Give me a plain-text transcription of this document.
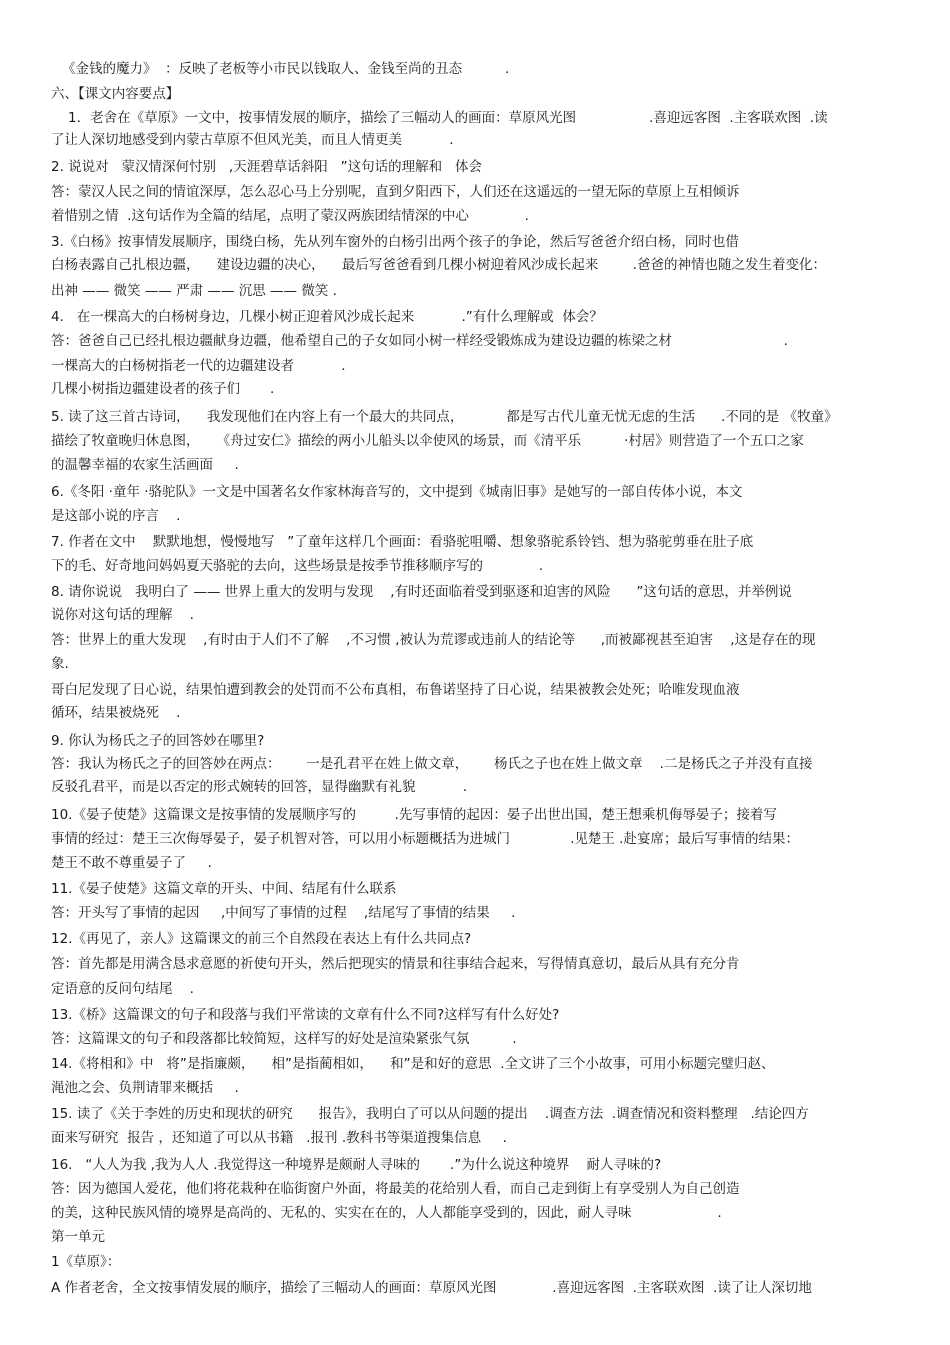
《金钱的魔力》  ：反映了老板等小市民以钱取人、金钱至尚的丑态          .
六、【课文内容要点】
1．老舍在《草原》一文中，按事情发展的顺序，描绘了三幅动人的画面：草原风光图                 .喜迎远客图  .主客联欢图  .读
了让人深切地感受到内蒙古草原不但风光美，而且人情更美           .
2. 说说对   蒙汉情深何忖别   ,天涯碧草话斜阳   ”这句话的理解和   体会
答：蒙汉人民之间的情谊深厚，怎么忍心马上分别呢，直到夕阳西下，人们还在这遥远的一望无际的草原上互相倾诉
着惜别之情  .这句话作为全篇的结尾，点明了蒙汉两族团结情深的中心             .
3.《白杨》按事情发展顺序，围绕白杨，先从列车窗外的白杨引出两个孩子的争论，然后写爸爸介绍白杨，同时也借
白杨表露自己扎根边疆，    建设边疆的决心，    最后写爸爸看到几棵小树迎着风沙成长起来        .爸爸的神情也随之发生着变化：
出神 —— 微笑 —— 严肃 —— 沉思 —— 微笑 .
4.   在一棵高大的白杨树身边，几棵小树正迎着风沙成长起来           .”有什么理解或  体会？
答：爸爸自己已经扎根边疆献身边疆，他希望自己的子女如同小树一样经受锻炼成为建设边疆的栋梁之材                          .
一棵高大的白杨树指老一代的边疆建设者           .
几棵小树指边疆建设者的孩子们       .
5. 读了这三首古诗词，    我发现他们在内容上有一个最大的共同点，          都是写古代儿童无忧无虑的生活      .不同的是 《牧童》
描绘了牧童晚归休息图，    《舟过安仁》描绘的两小儿船头以伞使风的场景，而《清平乐          ·村居》则营造了一个五口之家
的温馨幸福的农家生活画面     .
6.《冬阳 ·童年 ·骆驼队》一文是中国著名女作家林海音写的，文中提到《城南旧事》是她写的一部自传体小说，本文
是这部小说的序言    .
7. 作者在文中    默默地想，慢慢地写   ”了童年这样几个画面：看骆驼咀嚼、想象骆驼系铃铛、想为骆驼剪垂在肚子底
下的毛、好奇地问妈妈夏天骆驼的去向，这些场景是按季节推移顺序写的             .
8. 请你说说   我明白了 —— 世界上重大的发明与发现    ,有时还面临着受到驱逐和迫害的风险      ”这句话的意思，并举例说
说你对这句话的理解    .
答：世界上的重大发现    ,有时由于人们不了解    ,不习惯 ,被认为荒谬或违前人的结论等      ,而被鄙视甚至迫害    ,这是存在的现
象.
哥白尼发现了日心说，结果怕遭到教会的处罚而不公布真相，布鲁诺坚持了日心说，结果被教会处死；哈唯发现血液
循环，结果被烧死    .
9. 你认为杨氏之子的回答妙在哪里?
答：我认为杨氏之子的回答妙在两点：      一是孔君平在姓上做文章，      杨氏之子也在姓上做文章    .二是杨氏之子并没有直接
反驳孔君平，而是以否定的形式婉转的回答，显得幽默有礼貌           .
10.《晏子使楚》这篇课文是按事情的发展顺序写的         .先写事情的起因：晏子出世出国，楚王想乘机侮辱晏子；接着写
事情的经过：楚王三次侮辱晏子，晏子机智对答，可以用小标题概括为进城门              .见楚王 .赴宴席；最后写事情的结果：
楚王不敢不尊重晏子了     .
11.《晏子使楚》这篇文章的开头、中间、结尾有什么联系
答：开头写了事情的起因     ,中间写了事情的过程    ,结尾写了事情的结果     .
12.《再见了，亲人》这篇课文的前三个自然段在表达上有什么共同点?
答：首先都是用满含恳求意愿的祈使句开头，然后把现实的情景和往事结合起来，写得情真意切，最后从具有充分肯
定语意的反问句结尾    .
13.《桥》这篇课文的句子和段落与我们平常读的文章有什么不同?这样写有什么好处?
答：这篇课文的句子和段落都比较简短，这样写的好处是渲染紧张气氛          .
14.《将相和》中   将”是指廉颇，    相”是指蔺相如，    和”是和好的意思  .全文讲了三个小故事，可用小标题完璧归赵、
渑池之会、负荆请罪来概括     .
15. 读了《关于李姓的历史和现状的研究      报告》，我明白了可以从问题的提出    .调查方法  .调查情况和资料整理   .结论四方
面来写研究  报告 ，还知道了可以从书籍   .报刊 .教科书等渠道搜集信息     .
16.   “人人为我 ,我为人人 .我觉得这一种境界是颇耐人寻味的       .”为什么说这种境界    耐人寻味的?
答：因为德国人爱花，他们将花栽种在临街窗户外面，将最美的花给别人看，而自己走到街上有享受别人为自己创造
的美，这种民族风情的境界是高尚的、无私的、实实在在的，人人都能享受到的，因此，耐人寻味                    .
第一单元
1《草原》：
A 作者老舍，全文按事情发展的顺序，描绘了三幅动人的画面：草原风光图             .喜迎远客图  .主客联欢图  .读了让人深切地
